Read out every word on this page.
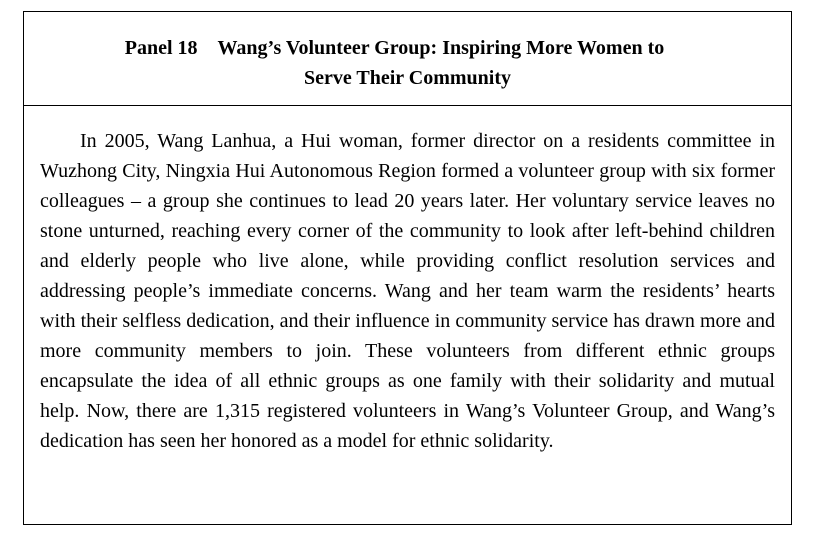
Panel 18 Wang’s Volunteer Group: Inspiring More Women to
Serve Their Community

In 2005, Wang Lanhua, a Hui woman, former director on a residents committee in Wuzhong City, Ningxia Hui Autonomous Region formed a volunteer group with six former colleagues – a group she continues to lead 20 years later. Her voluntary service leaves no stone unturned, reaching every corner of the community to look after left-behind children and elderly people who live alone, while providing conflict resolution services and addressing people’s immediate concerns. Wang and her team warm the residents’ hearts with their selfless dedication, and their influence in community service has drawn more and more community members to join. These volunteers from different ethnic groups encapsulate the idea of all ethnic groups as one family with their solidarity and mutual help. Now, there are 1,315 registered volunteers in Wang’s Volunteer Group, and Wang’s dedication has seen her honored as a model for ethnic solidarity.
